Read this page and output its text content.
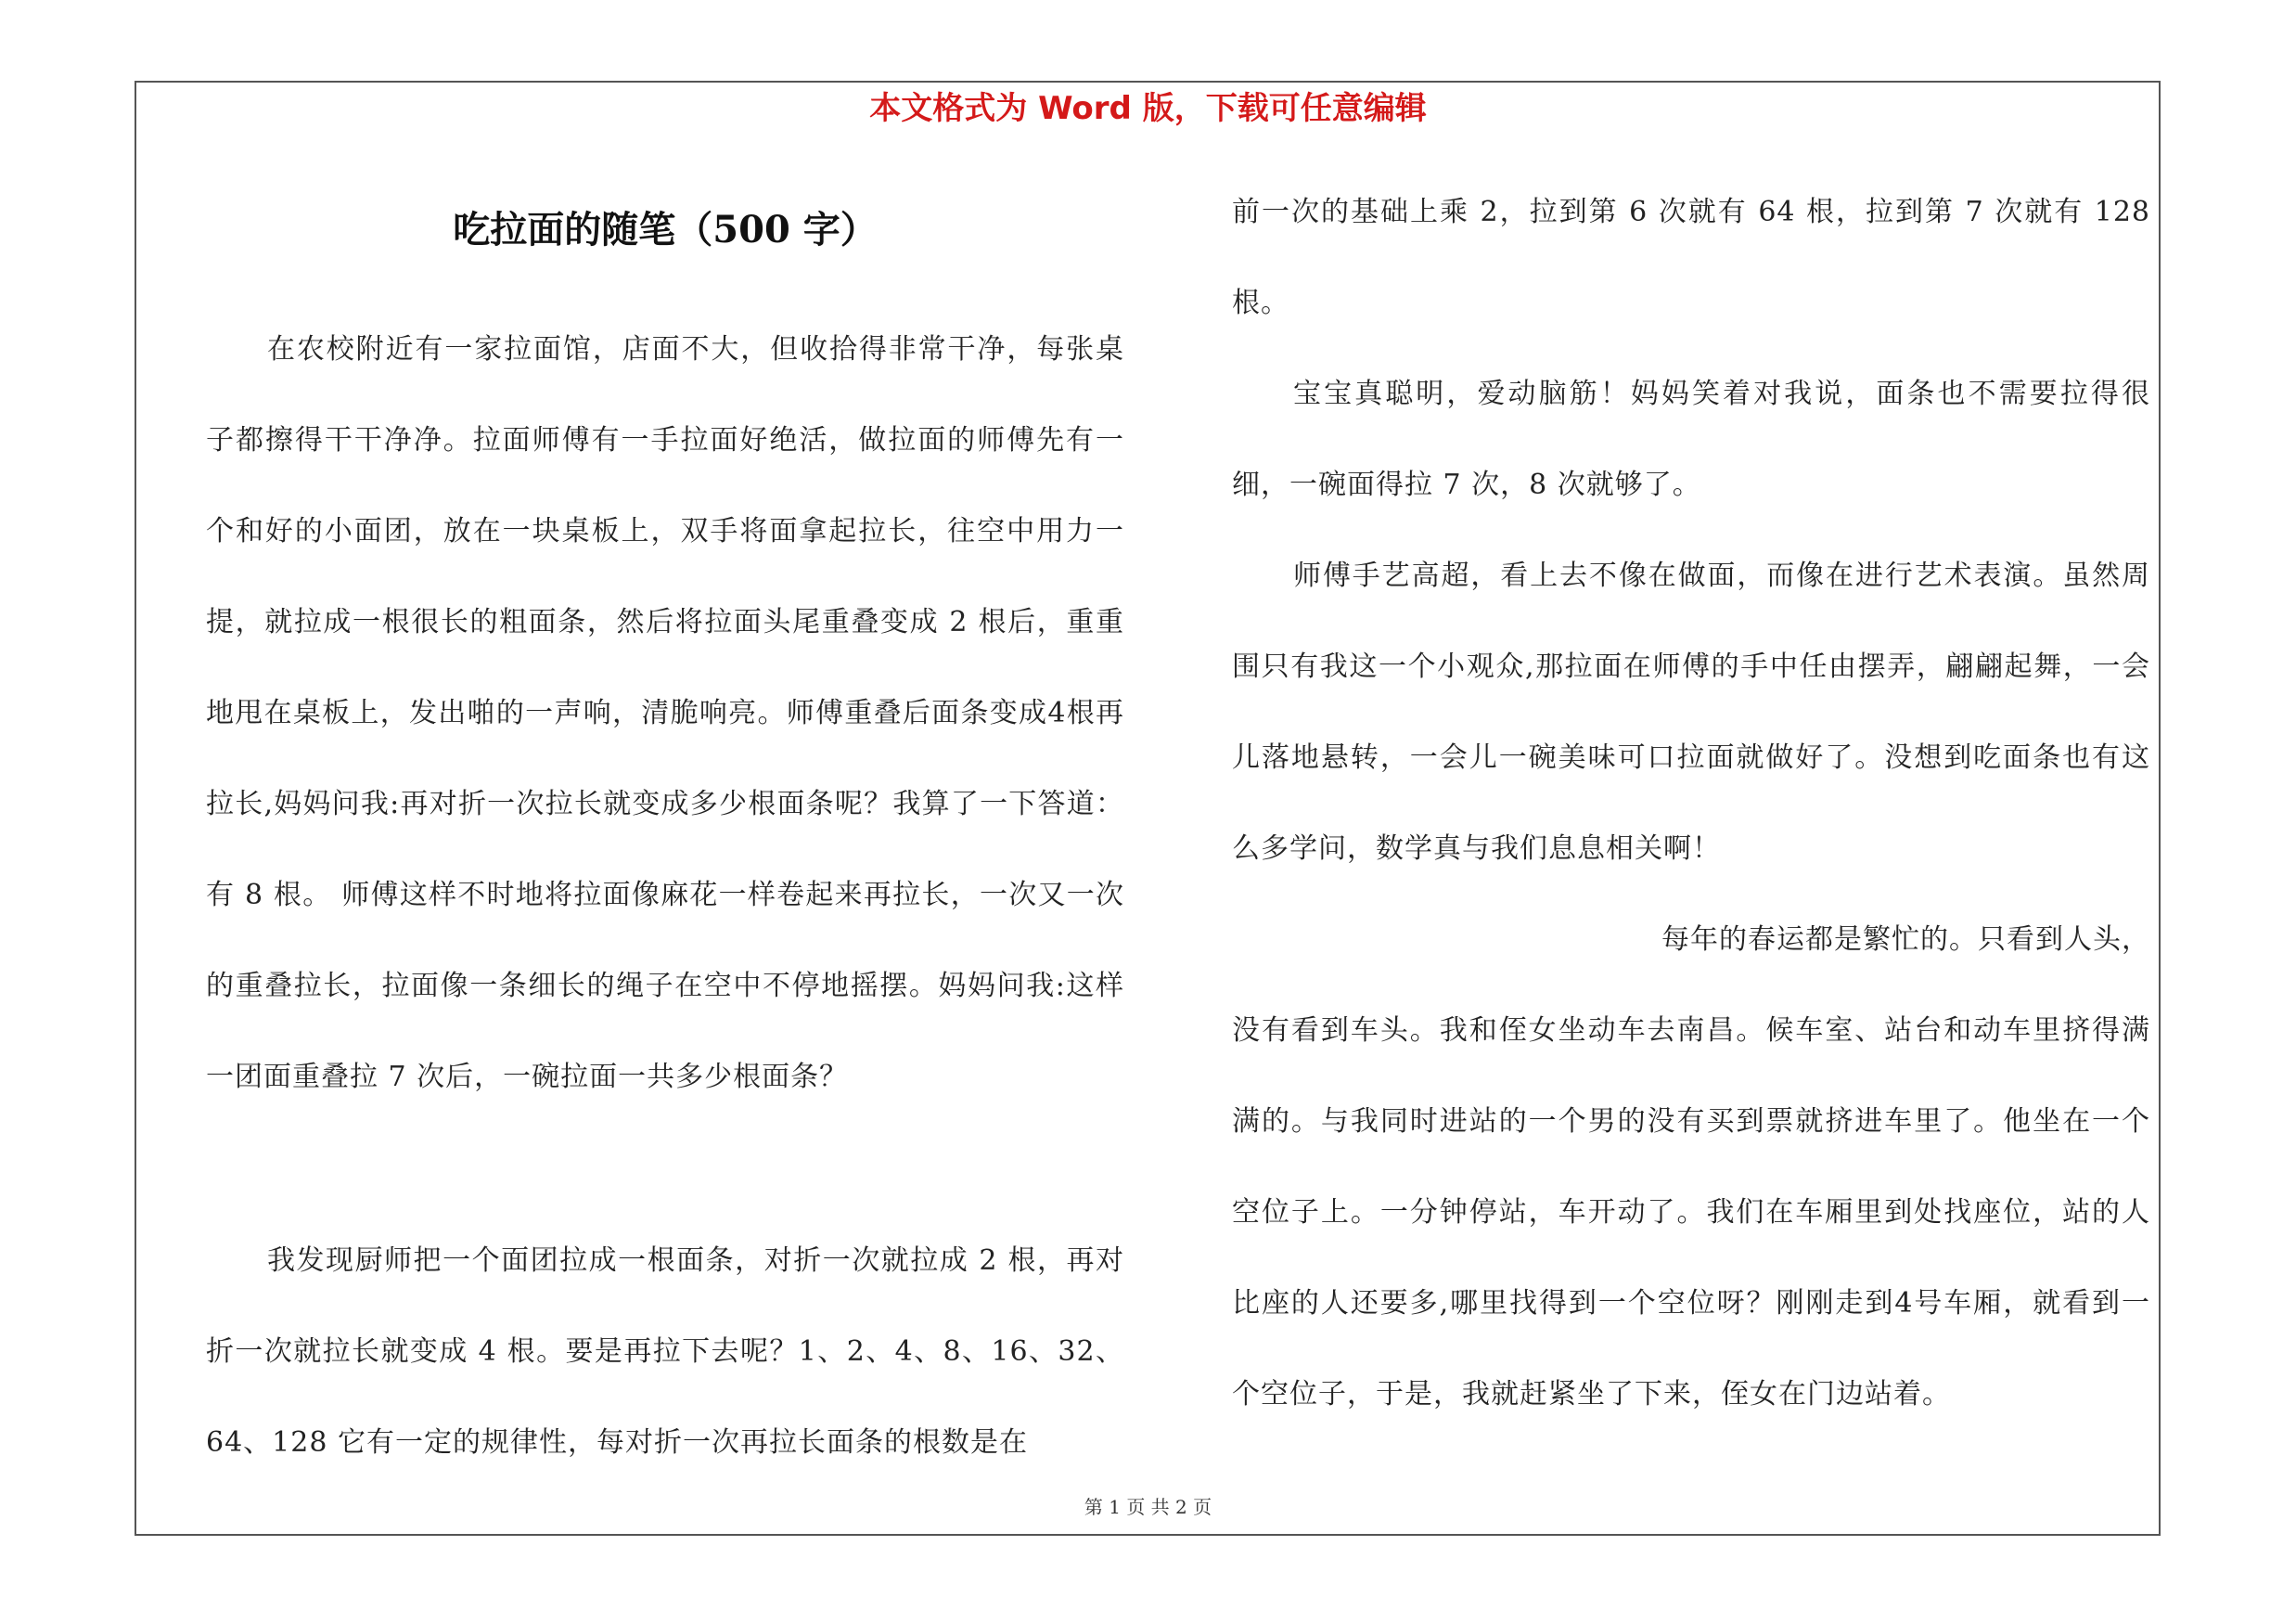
本文格式为 Word 版，下载可任意编辑
吃拉面的随笔（500 字）

在农校附近有一家拉面馆，店面不大，但收拾得非常干净，每张桌子都擦得干干净净。拉面师傅有一手拉面好绝活，做拉面的师傅先有一个和好的小面团，放在一块桌板上，双手将面拿起拉长，往空中用力一提，就拉成一根很长的粗面条，然后将拉面头尾重叠变成 2 根后，重重地甩在桌板上，发出啪的一声响，清脆响亮。师傅重叠后面条变成4根再拉长,妈妈问我:再对折一次拉长就变成多少根面条呢？我算了一下答道：有 8 根。 师傅这样不时地将拉面像麻花一样卷起来再拉长，一次又一次的重叠拉长，拉面像一条细长的绳子在空中不停地摇摆。妈妈问我:这样一团面重叠拉 7 次后，一碗拉面一共多少根面条？

我发现厨师把一个面团拉成一根面条，对折一次就拉成 2 根，再对折一次就拉长就变成 4 根。要是再拉下去呢？1、2、4、8、16、32、64、128 它有一定的规律性，每对折一次再拉长面条的根数是在

前一次的基础上乘 2，拉到第 6 次就有 64 根，拉到第 7 次就有 128 根。

宝宝真聪明，爱动脑筋！妈妈笑着对我说，面条也不需要拉得很细，一碗面得拉 7 次，8 次就够了。

师傅手艺高超，看上去不像在做面，而像在进行艺术表演。虽然周围只有我这一个小观众,那拉面在师傅的手中任由摆弄，翩翩起舞，一会儿落地悬转，一会儿一碗美味可口拉面就做好了。没想到吃面条也有这么多学问，数学真与我们息息相关啊！

每年的春运都是繁忙的。只看到人头，
没有看到车头。我和侄女坐动车去南昌。候车室、站台和动车里挤得满满的。与我同时进站的一个男的没有买到票就挤进车里了。他坐在一个空位子上。一分钟停站，车开动了。我们在车厢里到处找座位，站的人比座的人还要多,哪里找得到一个空位呀？刚刚走到4号车厢，就看到一个空位子，于是，我就赶紧坐了下来，侄女在门边站着。

第 1 页 共 2 页
